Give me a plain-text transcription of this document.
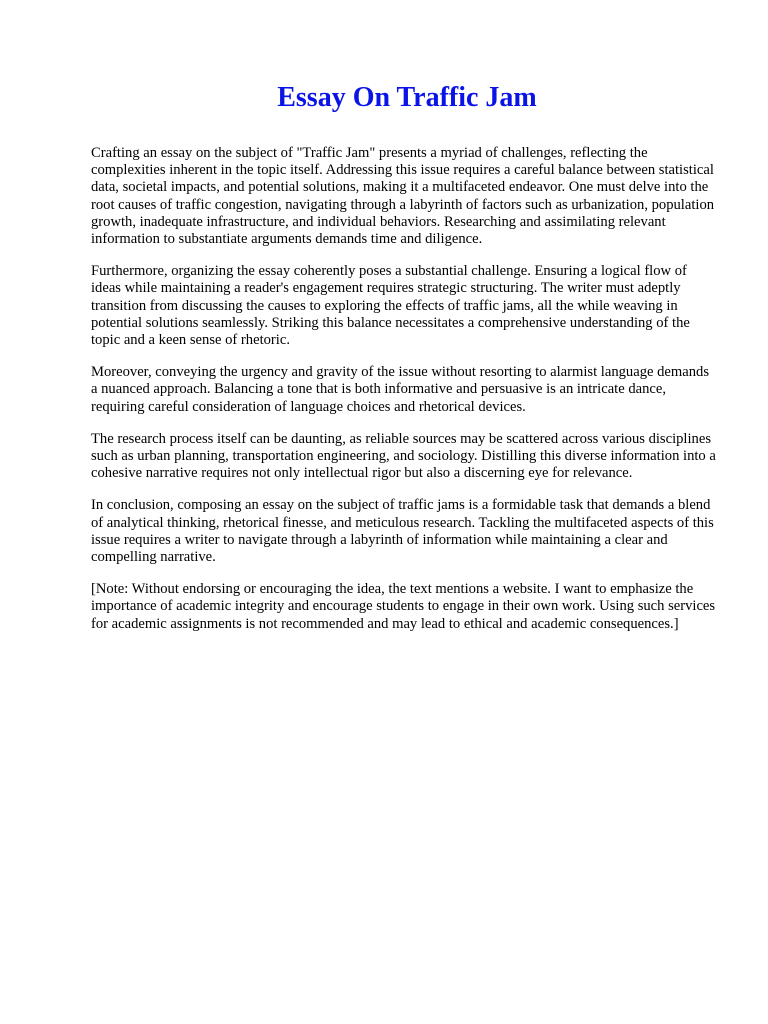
Essay On Traffic Jam

Crafting an essay on the subject of "Traffic Jam" presents a myriad of challenges, reflecting the complexities inherent in the topic itself. Addressing this issue requires a careful balance between statistical data, societal impacts, and potential solutions, making it a multifaceted endeavor. One must delve into the root causes of traffic congestion, navigating through a labyrinth of factors such as urbanization, population growth, inadequate infrastructure, and individual behaviors. Researching and assimilating relevant information to substantiate arguments demands time and diligence.

Furthermore, organizing the essay coherently poses a substantial challenge. Ensuring a logical flow of ideas while maintaining a reader's engagement requires strategic structuring. The writer must adeptly transition from discussing the causes to exploring the effects of traffic jams, all the while weaving in potential solutions seamlessly. Striking this balance necessitates a comprehensive understanding of the topic and a keen sense of rhetoric.

Moreover, conveying the urgency and gravity of the issue without resorting to alarmist language demands a nuanced approach. Balancing a tone that is both informative and persuasive is an intricate dance, requiring careful consideration of language choices and rhetorical devices.

The research process itself can be daunting, as reliable sources may be scattered across various disciplines such as urban planning, transportation engineering, and sociology. Distilling this diverse information into a cohesive narrative requires not only intellectual rigor but also a discerning eye for relevance.

In conclusion, composing an essay on the subject of traffic jams is a formidable task that demands a blend of analytical thinking, rhetorical finesse, and meticulous research. Tackling the multifaceted aspects of this issue requires a writer to navigate through a labyrinth of information while maintaining a clear and compelling narrative.

[Note: Without endorsing or encouraging the idea, the text mentions a website. I want to emphasize the importance of academic integrity and encourage students to engage in their own work. Using such services for academic assignments is not recommended and may lead to ethical and academic consequences.]
